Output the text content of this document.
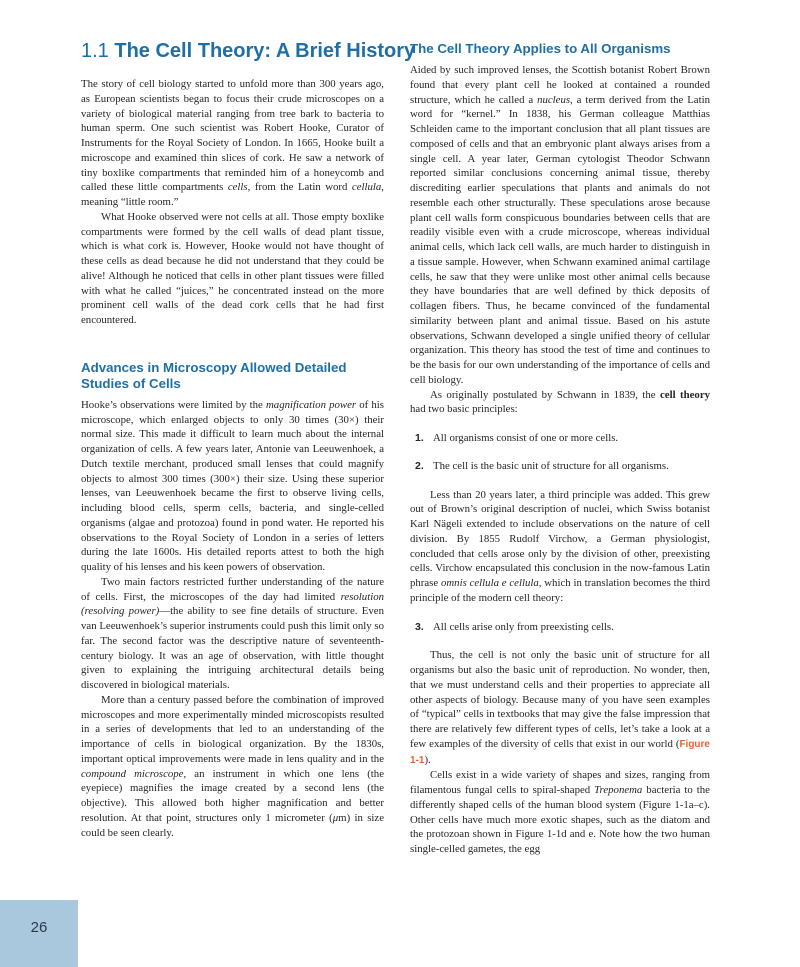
1.1 The Cell Theory: A Brief History

The story of cell biology started to unfold more than 300 years ago, as European scientists began to focus their crude microscopes on a variety of biological material ranging from tree bark to bacteria to human sperm. One such scientist was Robert Hooke, Curator of Instruments for the Royal Society of London. In 1665, Hooke built a microscope and examined thin slices of cork. He saw a network of tiny boxlike compartments that reminded him of a honeycomb and called these little compartments cells, from the Latin word cellula, meaning “little room.”

What Hooke observed were not cells at all. Those empty boxlike compartments were formed by the cell walls of dead plant tissue, which is what cork is. However, Hooke would not have thought of these cells as dead because he did not understand that they could be alive! Although he noticed that cells in other plant tissues were filled with what he called “juices,” he concentrated instead on the more prominent cell walls of the dead cork cells that he had first encountered.

Advances in Microscopy Allowed Detailed Studies of Cells

Hooke’s observations were limited by the magnification power of his microscope, which enlarged objects to only 30 times (30×) their normal size. This made it difficult to learn much about the internal organization of cells. A few years later, Antonie van Leeuwenhoek, a Dutch textile merchant, produced small lenses that could magnify objects to almost 300 times (300×) their size. Using these superior lenses, van Leeuwenhoek became the first to observe living cells, including blood cells, sperm cells, bacteria, and single-celled organisms (algae and protozoa) found in pond water. He reported his observations to the Royal Society of London in a series of letters during the late 1600s. His detailed reports attest to both the high quality of his lenses and his keen powers of observation.

Two main factors restricted further understanding of the nature of cells. First, the microscopes of the day had limited resolution (resolving power)—the ability to see fine details of structure. Even van Leeuwenhoek’s superior instruments could push this limit only so far. The second factor was the descriptive nature of seventeenth-century biology. It was an age of observation, with little thought given to explaining the intriguing architectural details being discovered in biological materials.

More than a century passed before the combination of improved microscopes and more experimentally minded microscopists resulted in a series of developments that led to an understanding of the importance of cells in biological organization. By the 1830s, important optical improvements were made in lens quality and in the compound microscope, an instrument in which one lens (the eyepiece) magnifies the image created by a second lens (the objective). This allowed both higher magnification and better resolution. At that point, structures only 1 micrometer (μm) in size could be seen clearly.

The Cell Theory Applies to All Organisms

Aided by such improved lenses, the Scottish botanist Robert Brown found that every plant cell he looked at contained a rounded structure, which he called a nucleus, a term derived from the Latin word for “kernel.” In 1838, his German colleague Matthias Schleiden came to the important conclusion that all plant tissues are composed of cells and that an embryonic plant always arises from a single cell. A year later, German cytologist Theodor Schwann reported similar conclusions concerning animal tissue, thereby discrediting earlier speculations that plants and animals do not resemble each other structurally. These speculations arose because plant cell walls form conspicuous boundaries between cells that are readily visible even with a crude microscope, whereas individual animal cells, which lack cell walls, are much harder to distinguish in a tissue sample. However, when Schwann examined animal cartilage cells, he saw that they were unlike most other animal cells because they have boundaries that are well defined by thick deposits of collagen fibers. Thus, he became convinced of the fundamental similarity between plant and animal tissue. Based on his astute observations, Schwann developed a single unified theory of cellular organization. This theory has stood the test of time and continues to be the basis for our own understanding of the importance of cells and cell biology.

As originally postulated by Schwann in 1839, the cell theory had two basic principles:

1. All organisms consist of one or more cells.
2. The cell is the basic unit of structure for all organisms.

Less than 20 years later, a third principle was added. This grew out of Brown’s original description of nuclei, which Swiss botanist Karl Nägeli extended to include observations on the nature of cell division. By 1855 Rudolf Virchow, a German physiologist, concluded that cells arose only by the division of other, preexisting cells. Virchow encapsulated this conclusion in the now-famous Latin phrase omnis cellula e cellula, which in translation becomes the third principle of the modern cell theory:

3. All cells arise only from preexisting cells.

Thus, the cell is not only the basic unit of structure for all organisms but also the basic unit of reproduction. No wonder, then, that we must understand cells and their properties to appreciate all other aspects of biology. Because many of you have seen examples of “typical” cells in textbooks that may give the false impression that there are relatively few different types of cells, let’s take a look at a few examples of the diversity of cells that exist in our world (Figure 1-1).

Cells exist in a wide variety of shapes and sizes, ranging from filamentous fungal cells to spiral-shaped Treponema bacteria to the differently shaped cells of the human blood system (Figure 1-1a–c). Other cells have much more exotic shapes, such as the diatom and the protozoan shown in Figure 1-1d and e. Note how the two human single-celled gametes, the egg

26
